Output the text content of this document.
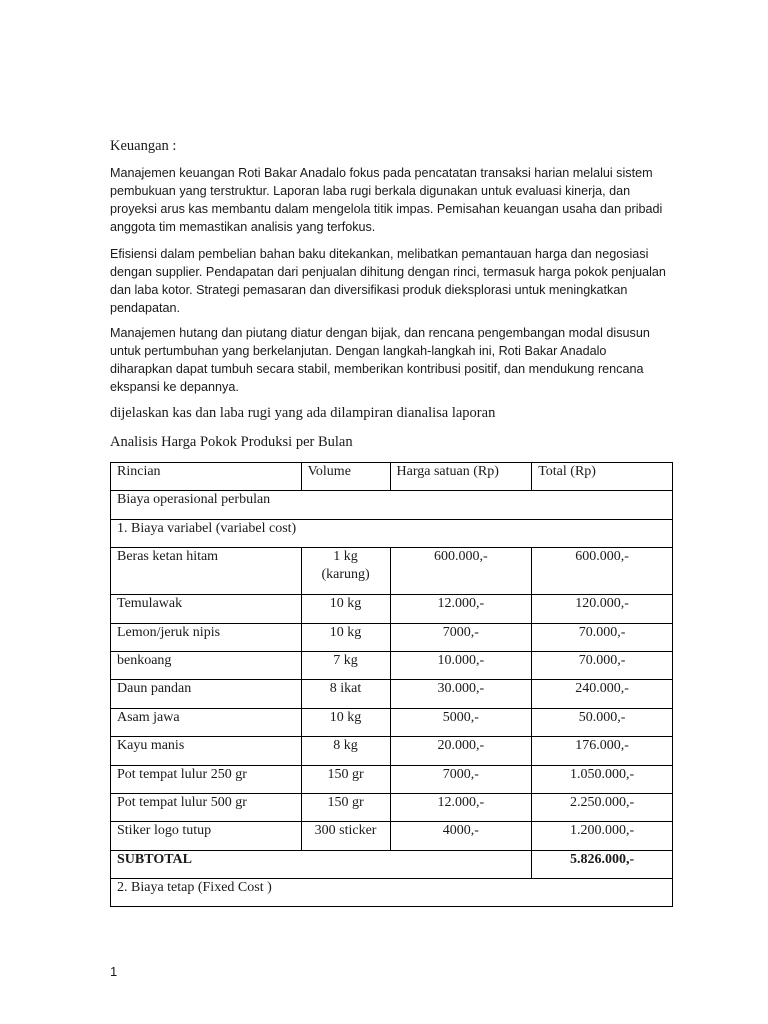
Keuangan :

Manajemen keuangan Roti Bakar Anadalo fokus pada pencatatan transaksi harian melalui sistem pembukuan yang terstruktur. Laporan laba rugi berkala digunakan untuk evaluasi kinerja, dan proyeksi arus kas membantu dalam mengelola titik impas. Pemisahan keuangan usaha dan pribadi anggota tim memastikan analisis yang terfokus.

Efisiensi dalam pembelian bahan baku ditekankan, melibatkan pemantauan harga dan negosiasi dengan supplier. Pendapatan dari penjualan dihitung dengan rinci, termasuk harga pokok penjualan dan laba kotor. Strategi pemasaran dan diversifikasi produk dieksplorasi untuk meningkatkan pendapatan.

Manajemen hutang dan piutang diatur dengan bijak, dan rencana pengembangan modal disusun untuk pertumbuhan yang berkelanjutan. Dengan langkah-langkah ini, Roti Bakar Anadalo diharapkan dapat tumbuh secara stabil, memberikan kontribusi positif, dan mendukung rencana ekspansi ke depannya.

dijelaskan kas dan laba rugi yang ada dilampiran dianalisa laporan
Analisis Harga Pokok Produksi per Bulan
Rincian	Volume	Harga satuan (Rp)	Total (Rp)
Biaya operasional perbulan			
1. Biaya variabel (variabel cost)			
Beras ketan hitam	1 kg (karung)	600.000,-	600.000,-
Temulawak	10 kg	12.000,-	120.000,-
Lemon/jeruk nipis	10 kg	7000,-	70.000,-
benkoang	7 kg	10.000,-	70.000,-
Daun pandan	8 ikat	30.000,-	240.000,-
Asam jawa	10 kg	5000,-	50.000,-
Kayu manis	8 kg	20.000,-	176.000,-
Pot tempat lulur 250 gr	150 gr	7000,-	1.050.000,-
Pot tempat lulur 500 gr	150 gr	12.000,-	2.250.000,-
Stiker logo tutup	300 sticker	4000,-	1.200.000,-
SUBTOTAL			5.826.000,-
2. Biaya tetap (Fixed Cost )			
1
